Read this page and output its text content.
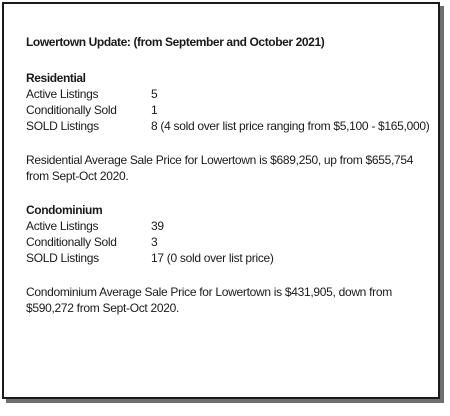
Lowertown Update: (from September and October 2021)
Residential
Active Listings	5
Conditionally Sold	1
SOLD Listings	8 (4 sold over list price ranging from $5,100 - $165,000)

Residential Average Sale Price for Lowertown is $689,250, up from $655,754 from Sept-Oct 2020.

Condominium
Active Listings	39
Conditionally Sold	3
SOLD Listings	17 (0 sold over list price)

Condominium Average Sale Price for Lowertown is $431,905, down from $590,272 from Sept-Oct 2020.
